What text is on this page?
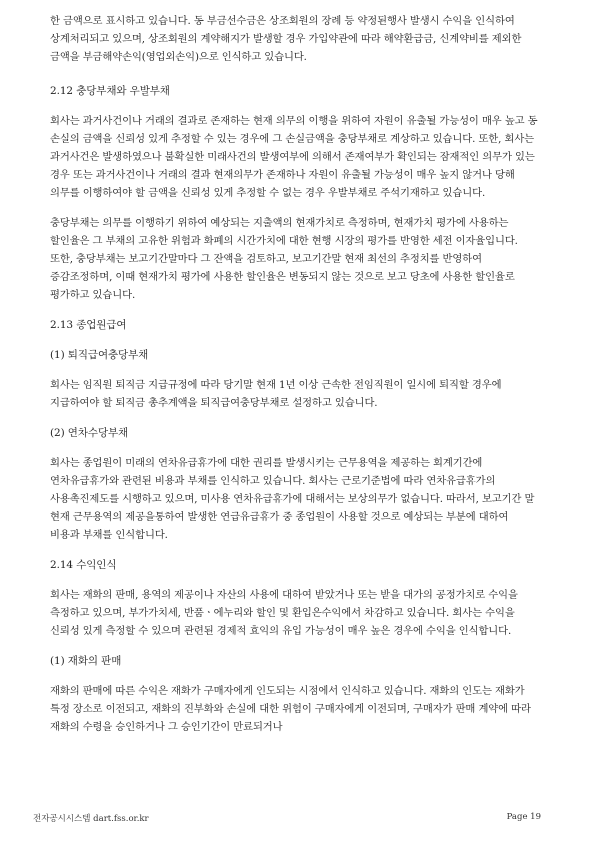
한 금액으로 표시하고 있습니다. 동 부금선수금은 상조회원의 장례 등 약정된행사 발생시 수익을 인식하여 상계처리되고 있으며, 상조회원의 계약해지가 발생할 경우 가입약관에 따라 해약환급금, 신계약비를 제외한 금액을 부금해약손익(영업외손익)으로 인식하고 있습니다.

2.12 충당부채와 우발부채

회사는 과거사건이나 거래의 결과로 존재하는 현재 의무의 이행을 위하여 자원이 유출될 가능성이 매우 높고 동 손실의 금액을 신뢰성 있게 추정할 수 있는 경우에 그 손실금액을 충당부채로 계상하고 있습니다. 또한, 회사는 과거사건은 발생하였으나 불확실한 미래사건의 발생여부에 의해서 존재여부가 확인되는 잠재적인 의무가 있는 경우 또는 과거사건이나 거래의 결과 현재의무가 존재하나 자원이 유출될 가능성이 매우 높지 않거나 당해 의무를 이행하여야 할 금액을 신뢰성 있게 추정할 수 없는 경우 우발부채로 주석기재하고 있습니다.

충당부채는 의무를 이행하기 위하여 예상되는 지출액의 현재가치로 측정하며, 현재가치 평가에 사용하는 할인율은 그 부채의 고유한 위험과 화폐의 시간가치에 대한 현행 시장의 평가를 반영한 세전 이자율입니다. 또한, 충당부채는 보고기간말마다 그 잔액을 검토하고, 보고기간말 현재 최선의 추정치를 반영하여 증감조정하며, 이때 현재가치 평가에 사용한 할인율은 변동되지 않는 것으로 보고 당초에 사용한 할인율로 평가하고 있습니다.

2.13 종업원급여
(1) 퇴직급여충당부채

회사는 임직원 퇴직금 지급규정에 따라 당기말 현재 1년 이상 근속한 전임직원이 일시에 퇴직할 경우에 지급하여야 할 퇴직금 총추계액을 퇴직급여충당부채로 설정하고 있습니다.

(2) 연차수당부채

회사는 종업원이 미래의 연차유급휴가에 대한 권리를 발생시키는 근무용역을 제공하는 회계기간에 연차유급휴가와 관련된 비용과 부채를 인식하고 있습니다. 회사는 근로기준법에 따라 연차유급휴가의 사용촉진제도를 시행하고 있으며, 미사용 연차유급휴가에 대해서는 보상의무가 없습니다. 따라서, 보고기간 말 현재 근무용역의 제공을통하여 발생한 연급유급휴가 중 종업원이 사용할 것으로 예상되는 부분에 대하여 비용과 부채를 인식합니다.

2.14 수익인식

회사는 재화의 판매, 용역의 제공이나 자산의 사용에 대하여 받았거나 또는 받을 대가의 공정가치로 수익을 측정하고 있으며, 부가가치세, 반품ㆍ에누리와 할인 및 환입은수익에서 차감하고 있습니다. 회사는 수익을 신뢰성 있게 측정할 수 있으며 관련된 경제적 효익의 유입 가능성이 매우 높은 경우에 수익을 인식합니다.

(1) 재화의 판매

재화의 판매에 따른 수익은 재화가 구매자에게 인도되는 시점에서 인식하고 있습니다. 재화의 인도는 재화가 특정 장소로 이전되고, 재화의 진부화와 손실에 대한 위험이 구매자에게 이전되며, 구매자가 판매 계약에 따라 재화의 수령을 승인하거나 그 승인기간이 만료되거나

전자공시시스템 dart.fss.or.kr	Page 19
